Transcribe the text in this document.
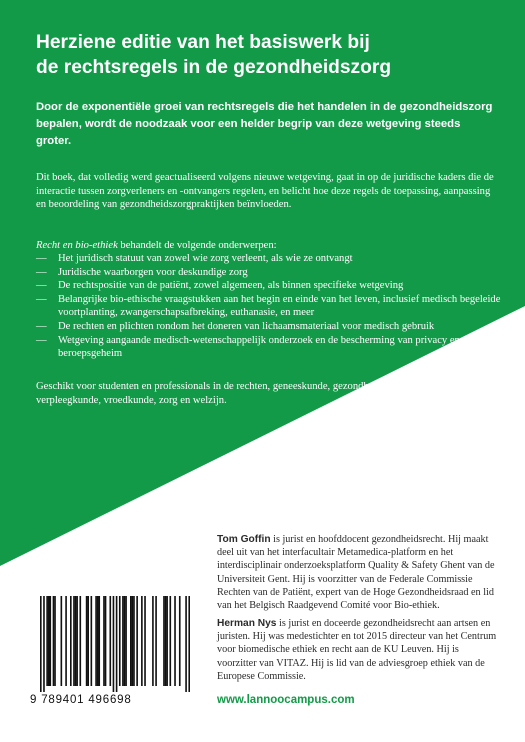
Herziene editie van het basiswerk bij
de rechtsregels in de gezondheidszorg

Door de exponentiële groei van rechtsregels die het handelen in de gezondheidszorg bepalen, wordt de noodzaak voor een helder begrip van deze wetgeving steeds groter.

Dit boek, dat volledig werd geactualiseerd volgens nieuwe wetgeving, gaat in op de juridische kaders die de interactie tussen zorgverleners en -ontvangers regelen, en belicht hoe deze regels de toepassing, aanpassing en beoordeling van gezondheidszorgpraktijken beïnvloeden.

Recht en bio-ethiek behandelt de volgende onderwerpen:

—	Het juridisch statuut van zowel wie zorg verleent, als wie ze ontvangt
—	Juridische waarborgen voor deskundige zorg
—	De rechtspositie van de patiënt, zowel algemeen, als binnen specifieke wetgeving
—	Belangrijke bio-ethische vraagstukken aan het begin en einde van het leven, inclusief medisch begeleide voortplanting, zwangerschapsafbreking, euthanasie, en meer
—	De rechten en plichten rondom het doneren van lichaamsmateriaal voor medisch gebruik
—	Wetgeving aangaande medisch-wetenschappelijk onderzoek en de bescherming van privacy en beroepsgeheim

Geschikt voor studenten en professionals in de rechten, geneeskunde, gezondheidszorg, verpleegkunde, vroedkunde, zorg en welzijn.

9 789401 496698

Tom Goffin is jurist en hoofddocent gezondheidsrecht. Hij maakt deel uit van het interfacultair Metamedica-platform en het interdisciplinair onderzoeksplatform Quality & Safety Ghent van de Universiteit Gent. Hij is voorzitter van de Federale Commissie Rechten van de Patiënt, expert van de Hoge Gezondheidsraad en lid van het Belgisch Raadgevend Comité voor Bio-ethiek.

Herman Nys is jurist en doceerde gezondheidsrecht aan artsen en juristen. Hij was medestichter en tot 2015 directeur van het Centrum voor biomedische ethiek en recht aan de KU Leuven. Hij is voorzitter van VITAZ. Hij is lid van de adviesgroep ethiek van de Europese Commissie.

www.lannoocampus.com
